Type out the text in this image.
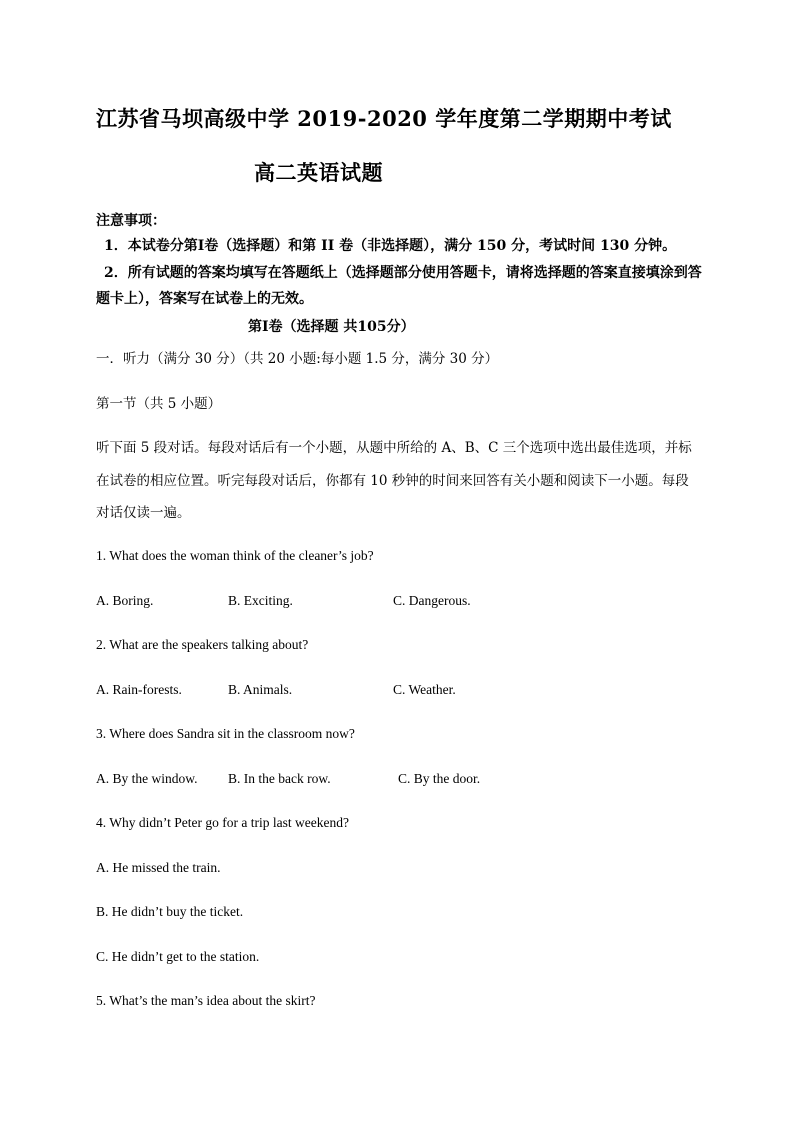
江苏省马坝高级中学 2019-2020 学年度第二学期期中考试
高二英语试题
注意事项：
1．本试卷分第Ⅰ卷（选择题）和第 II 卷（非选择题），满分 150 分，考试时间 130 分钟。
2．所有试题的答案均填写在答题纸上（选择题部分使用答题卡，请将选择题的答案直接填涂到答
题卡上），答案写在试卷上的无效。
第Ⅰ卷（选择题 共105分）
一．听力（满分 30 分）（共 20 小题:每小题 1.5 分，满分 30 分）
第一节（共 5 小题）
听下面 5 段对话。每段对话后有一个小题，从题中所给的 A、B、C 三个选项中选出最佳选项，并标
在试卷的相应位置。听完每段对话后，你都有 10 秒钟的时间来回答有关小题和阅读下一小题。每段
对话仅读一遍。
1. What does the woman think of the cleaner’s job?
A. Boring.	B. Exciting.	C. Dangerous.
2. What are the speakers talking about?
A. Rain-forests.	B. Animals.	C. Weather.
3. Where does Sandra sit in the classroom now?
A. By the window. B. In the back row.	C. By the door.
4. Why didn’t Peter go for a trip last weekend?
A. He missed the train.
B. He didn’t buy the ticket.
C. He didn’t get to the station.
5. What’s the man’s idea about the skirt?
